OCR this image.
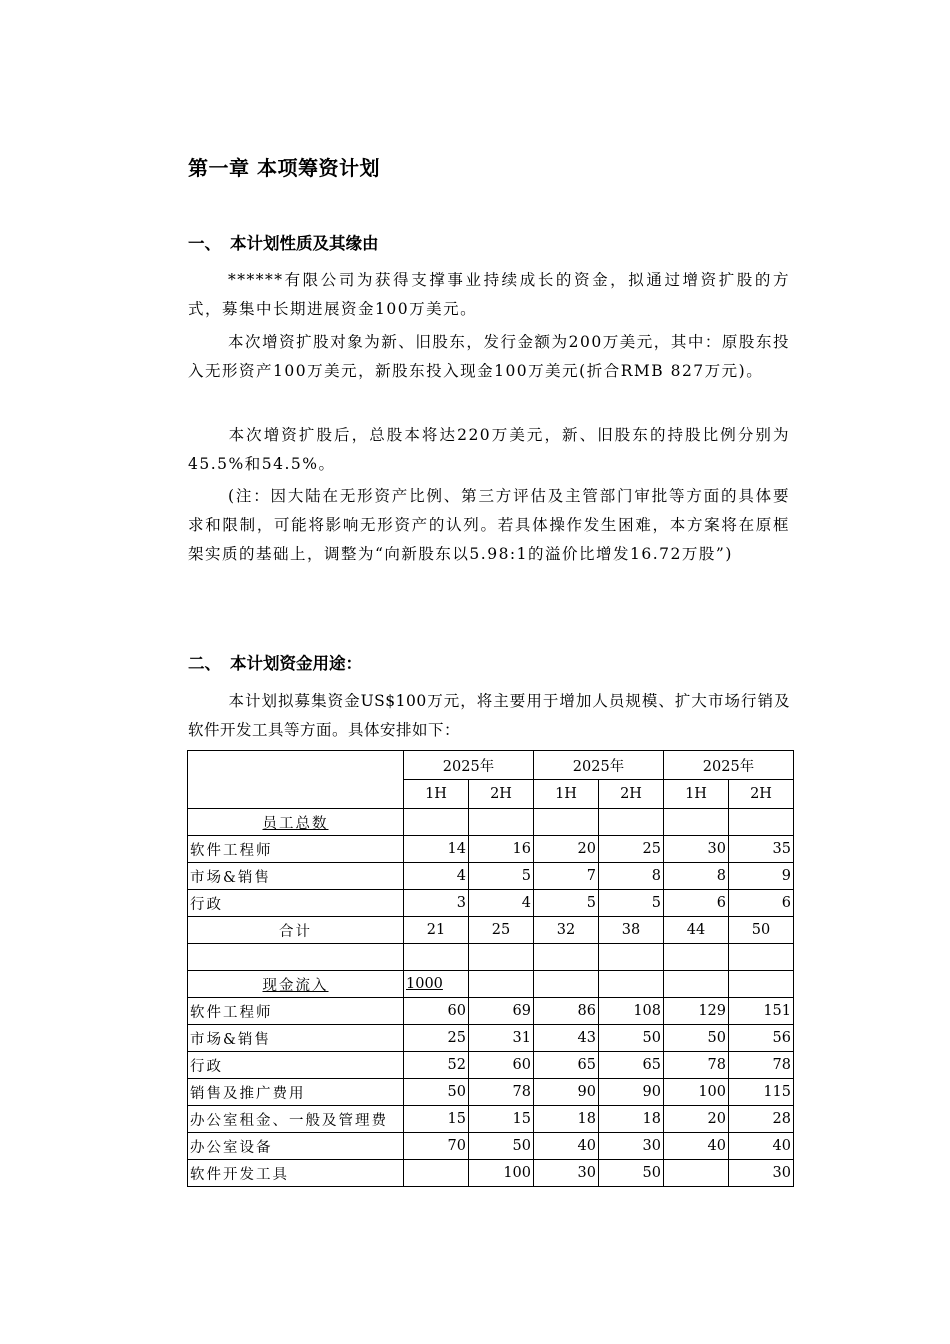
第一章 本项筹资计划
一、 本计划性质及其缘由
******有限公司为获得支撑事业持续成长的资金，拟通过增资扩股的方式，募集中长期进展资金100万美元。
本次增资扩股对象为新、旧股东，发行金额为200万美元，其中：原股东投入无形资产100万美元，新股东投入现金100万美元(折合RMB 827万元)。
本次增资扩股后，总股本将达220万美元，新、旧股东的持股比例分别为45.5%和54.5%。
(注：因大陆在无形资产比例、第三方评估及主管部门审批等方面的具体要求和限制，可能将影响无形资产的认列。若具体操作发生困难，本方案将在原框架实质的基础上，调整为“向新股东以5.98:1的溢价比增发16.72万股”)
二、 本计划资金用途：
本计划拟募集资金US$100万元，将主要用于增加人员规模、扩大市场行销及软件开发工具等方面。具体安排如下：
	2025年		2025年		2025年	
	1H	2H	1H	2H	1H	2H
员工总数						
软件工程师	14	16	20	25	30	35
市场&销售	4	5	7	8	8	9
行政	3	4	5	5	6	6
合计	21	25	32	38	44	50

现金流入	1000					
软件工程师	60	69	86	108	129	151
市场&销售	25	31	43	50	50	56
行政	52	60	65	65	78	78
销售及推广费用	50	78	90	90	100	115
办公室租金、一般及管理费	15	15	18	18	20	28
办公室设备	70	50	40	30	40	40
软件开发工具		100	30	50		30
